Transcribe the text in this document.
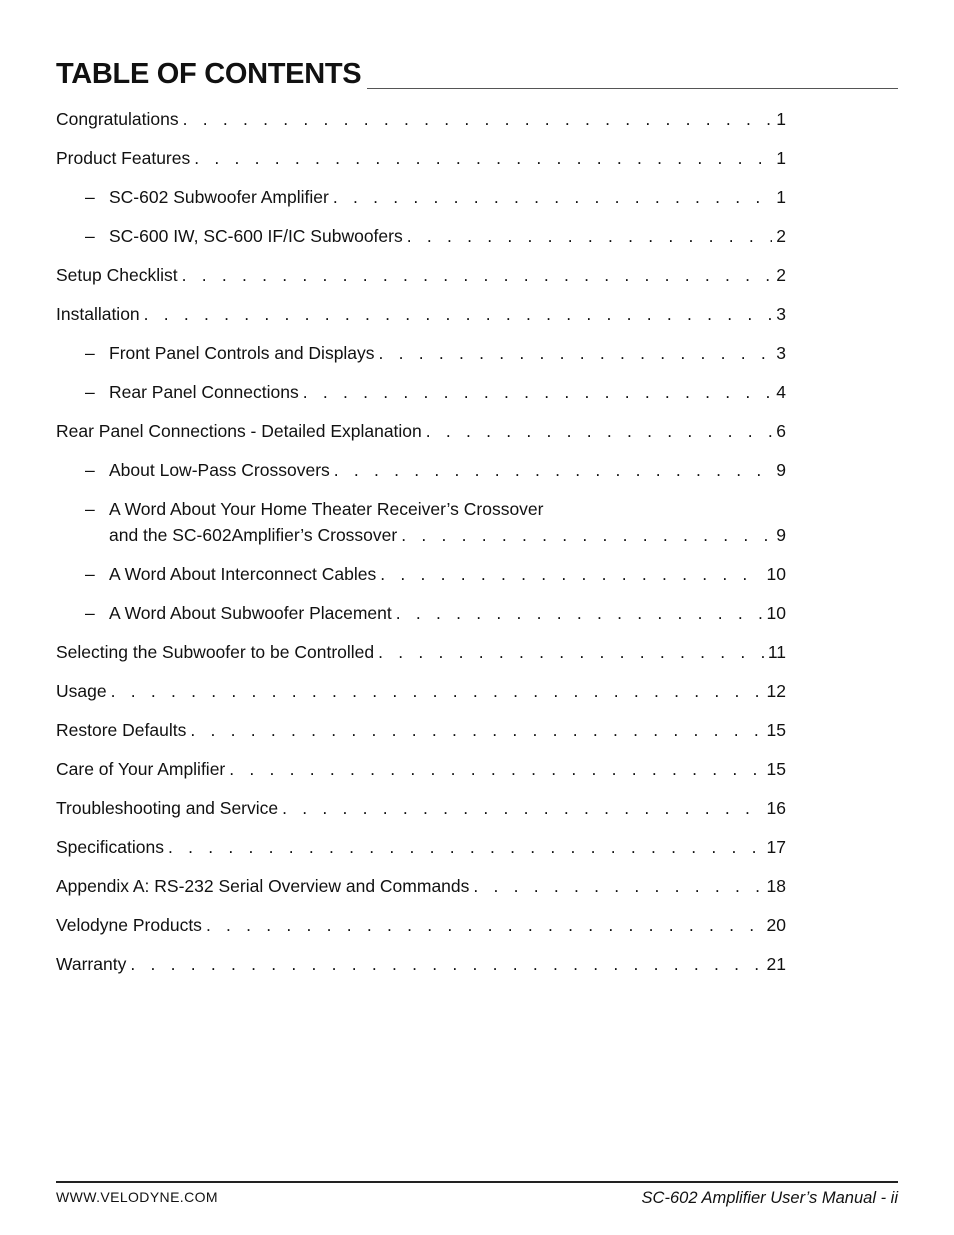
TABLE OF CONTENTS
Congratulations . . .	1
Product Features . . .	1
– SC-602 Subwoofer Amplifier . . .	1
– SC-600 IW, SC-600 IF/IC Subwoofers . . .	2
Setup Checklist . . .	2
Installation . . .	3
– Front Panel Controls and Displays . . .	3
– Rear Panel Connections . . .	4
Rear Panel Connections - Detailed Explanation . . .	6
– About Low-Pass Crossovers . . .	9
– A Word About Your Home Theater Receiver’s Crossover
and the SC-602Amplifier’s Crossover . . .	9
– A Word About Interconnect Cables . . .	10
– A Word About Subwoofer Placement . . .	10
Selecting the Subwoofer to be Controlled . . .	11
Usage . . .	12
Restore Defaults . . .	15
Care of Your Amplifier . . .	15
Troubleshooting and Service . . .	16
Specifications . . .	17
Appendix A: RS-232 Serial Overview and Commands . . .	18
Velodyne Products . . .	20
Warranty . . .	21
WWW.VELODYNE.COM	SC-602 Amplifier User’s Manual - ii
